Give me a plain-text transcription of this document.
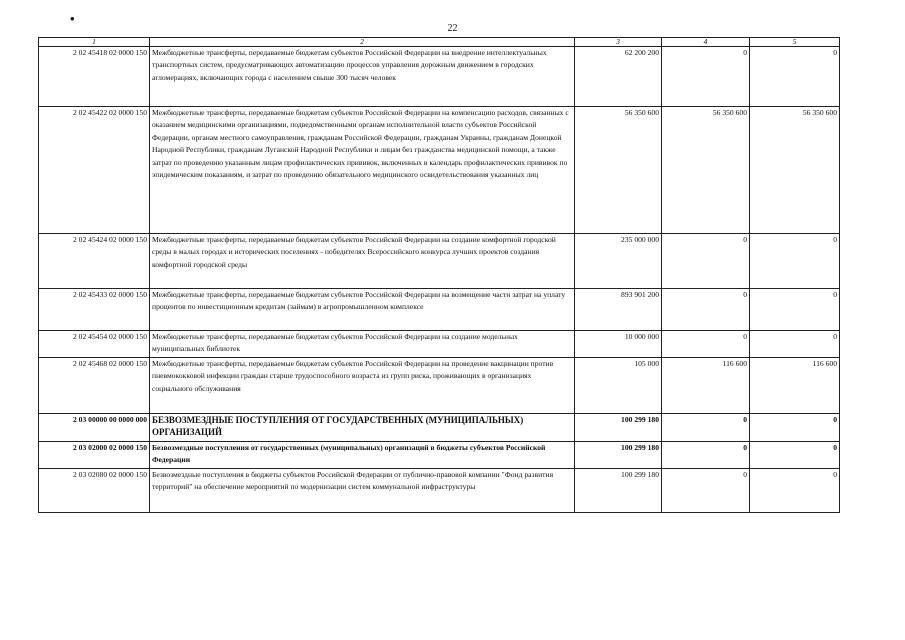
•
22
1	2	3	4	5
2 02 45418 02 0000 150	Межбюджетные трансферты, передаваемые бюджетам субъектов Российской Федерации на внедрение интеллектуальных транспортных систем, предусматривающих автоматизацию процессов управления дорожным движением в городских агломерациях, включающих города с населением свыше 300 тысяч человек	62 200 200	0	0
2 02 45422 02 0000 150	Межбюджетные трансферты, передаваемые бюджетам субъектов Российской Федерации на компенсацию расходов, связанных с оказанием медицинскими организациями, подведомственными органам исполнительной власти субъектов Российской Федерации, органам местного самоуправления, гражданам Российской Федерации, гражданам Украины, гражданам Донецкой Народной Республики, гражданам Луганской Народной Республики и лицам без гражданства медицинской помощи, а также затрат по проведению указанным лицам профилактических прививок, включенных в календарь профилактических прививок по эпидемическим показаниям, и затрат по проведению обязательного медицинского освидетельствования указанных лиц	56 350 600	56 350 600	56 350 600
2 02 45424 02 0000 150	Межбюджетные трансферты, передаваемые бюджетам субъектов Российской Федерации на создание комфортной городской среды в малых городах и исторических поселениях - победителях Всероссийского конкурса лучших проектов создания комфортной городской среды	235 000 000	0	0
2 02 45433 02 0000 150	Межбюджетные трансферты, передаваемые бюджетам субъектов Российской Федерации на возмещение части затрат на уплату процентов по инвестиционным кредитам (займам) в агропромышленном комплексе	893 901 200	0	0
2 02 45454 02 0000 150	Межбюджетные трансферты, передаваемые бюджетам субъектов Российской Федерации на создание модельных муниципальных библиотек	10 000 000	0	0
2 02 45468 02 0000 150	Межбюджетные трансферты, передаваемые бюджетам субъектов Российской Федерации на проведение вакцинации против пневмококковой инфекции граждан старше трудоспособного возраста из групп риска, проживающих в организациях социального обслуживания	105 000	116 600	116 600
2 03 00000 00 0000 000	БЕЗВОЗМЕЗДНЫЕ ПОСТУПЛЕНИЯ ОТ ГОСУДАРСТВЕННЫХ (МУНИЦИПАЛЬНЫХ) ОРГАНИЗАЦИЙ	100 299 180	0	0
2 03 02000 02 0000 150	Безвозмездные поступления от государственных (муниципальных) организаций в бюджеты субъектов Российской Федерации	100 299 180	0	0
2 03 02080 02 0000 150	Безвозмездные поступления в бюджеты субъектов Российской Федерации от публично-правовой компании "Фонд развития территорий" на обеспечение мероприятий по модернизации систем коммунальной инфраструктуры	100 299 180	0	0
